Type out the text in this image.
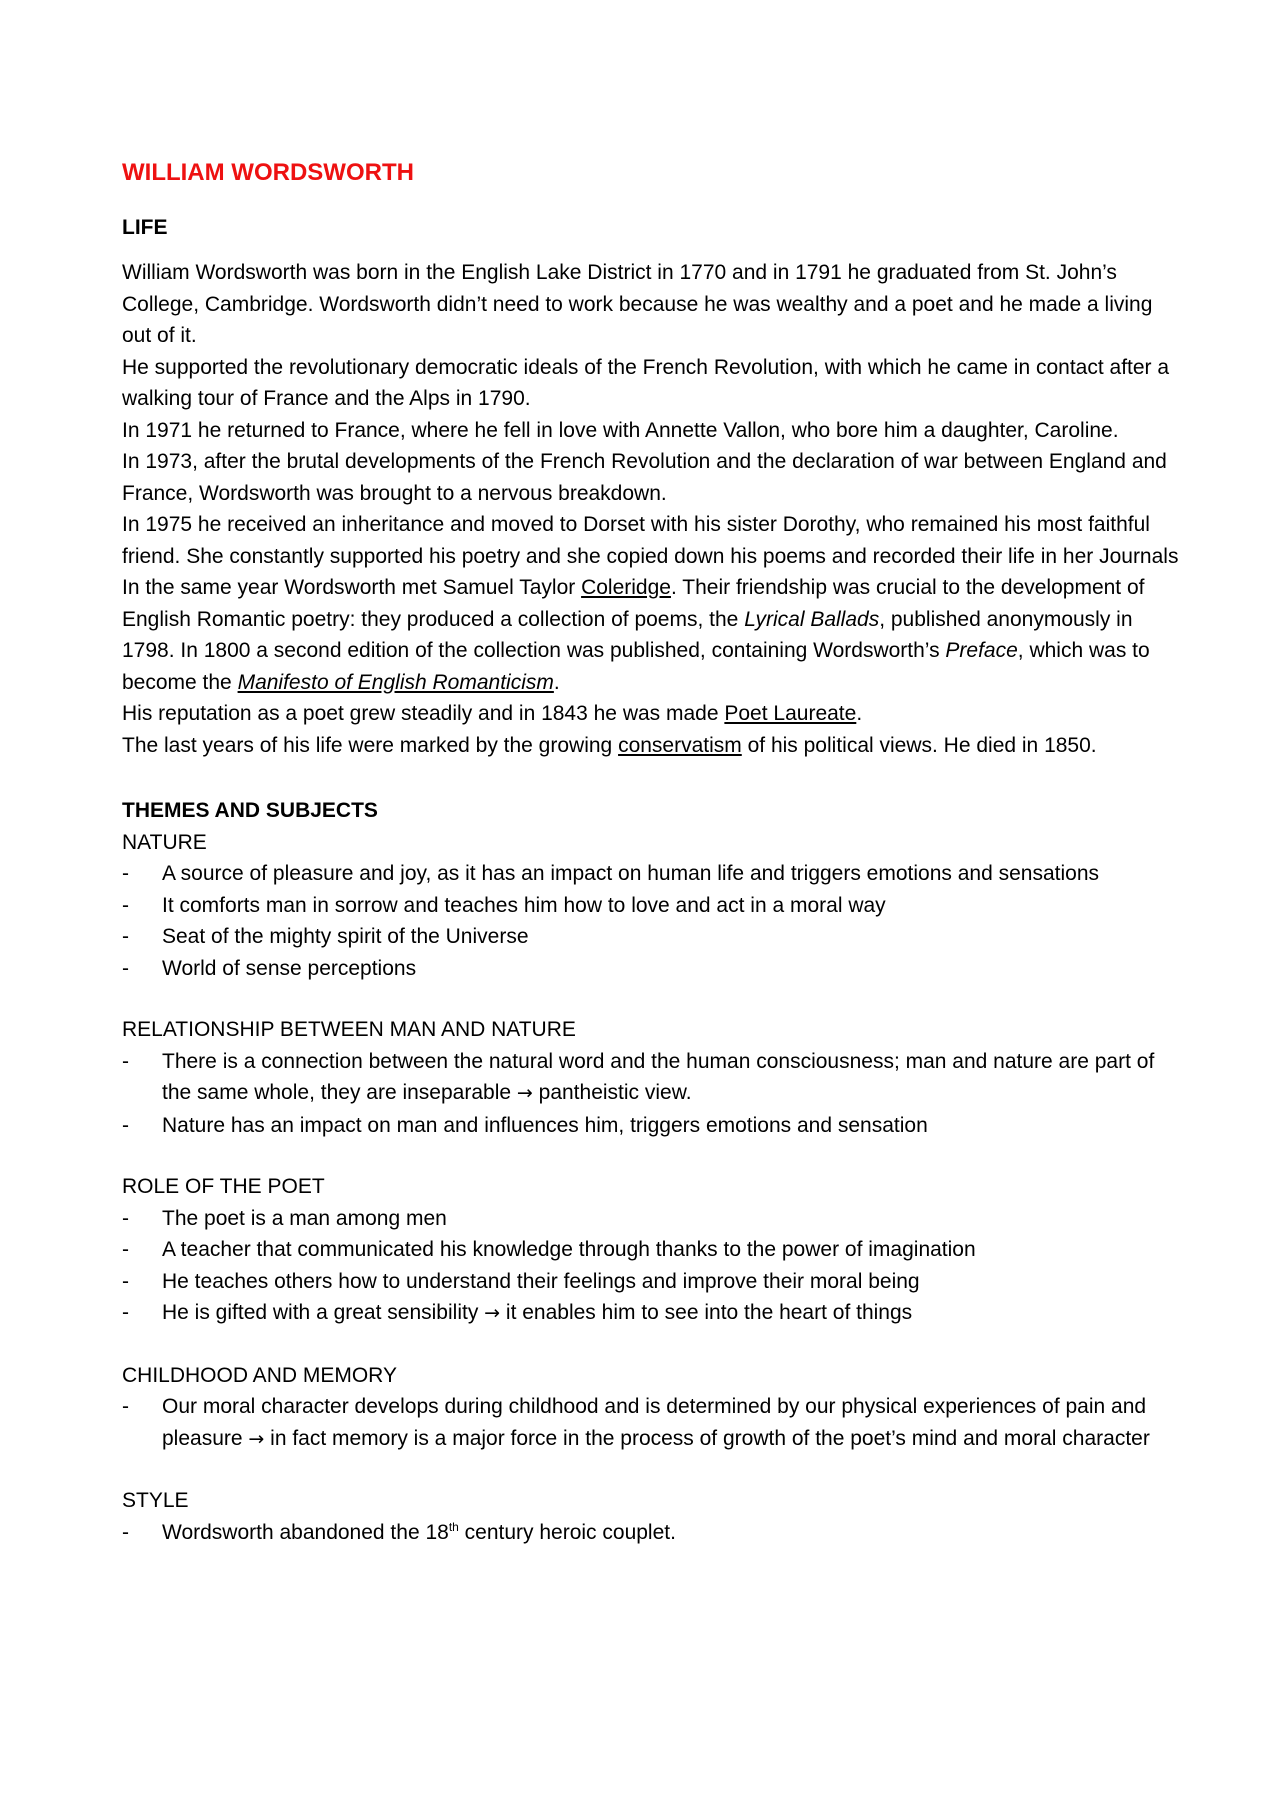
WILLIAM WORDSWORTH
LIFE

William Wordsworth was born in the English Lake District in 1770 and in 1791 he graduated from St. John’s College, Cambridge. Wordsworth didn’t need to work because he was wealthy and a poet and he made a living out of it.

He supported the revolutionary democratic ideals of the French Revolution, with which he came in contact after a walking tour of France and the Alps in 1790.

In 1971 he returned to France, where he fell in love with Annette Vallon, who bore him a daughter, Caroline.

In 1973, after the brutal developments of the French Revolution and the declaration of war between England and France, Wordsworth was brought to a nervous breakdown.

In 1975 he received an inheritance and moved to Dorset with his sister Dorothy, who remained his most faithful friend. She constantly supported his poetry and she copied down his poems and recorded their life in her Journals

In the same year Wordsworth met Samuel Taylor Coleridge. Their friendship was crucial to the development of English Romantic poetry: they produced a collection of poems, the Lyrical Ballads, published anonymously in 1798. In 1800 a second edition of the collection was published, containing Wordsworth’s Preface, which was to become the Manifesto of English Romanticism.

His reputation as a poet grew steadily and in 1843 he was made Poet Laureate.

The last years of his life were marked by the growing conservatism of his political views. He died in 1850.

THEMES AND SUBJECTS

NATURE

- A source of pleasure and joy, as it has an impact on human life and triggers emotions and sensations
- It comforts man in sorrow and teaches him how to love and act in a moral way
- Seat of the mighty spirit of the Universe
- World of sense perceptions

RELATIONSHIP BETWEEN MAN AND NATURE

- There is a connection between the natural word and the human consciousness; man and nature are part of the same whole, they are inseparable → pantheistic view.
- Nature has an impact on man and influences him, triggers emotions and sensation

ROLE OF THE POET

- The poet is a man among men
- A teacher that communicated his knowledge through thanks to the power of imagination
- He teaches others how to understand their feelings and improve their moral being
- He is gifted with a great sensibility → it enables him to see into the heart of things

CHILDHOOD AND MEMORY

- Our moral character develops during childhood and is determined by our physical experiences of pain and pleasure → in fact memory is a major force in the process of growth of the poet’s mind and moral character

STYLE

- Wordsworth abandoned the 18th century heroic couplet.
